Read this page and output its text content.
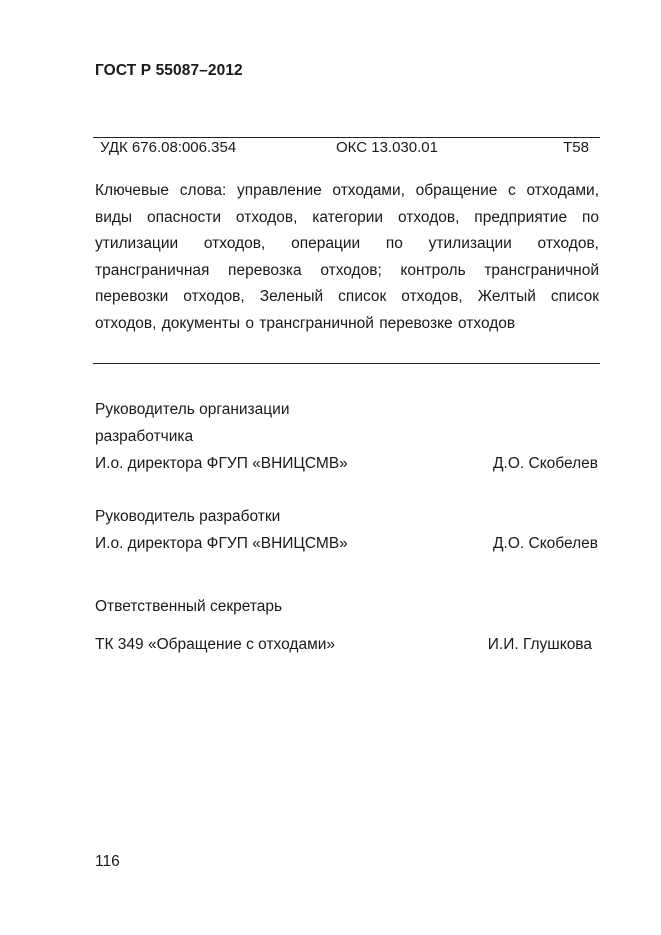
ГОСТ Р 55087–2012
УДК 676.08:006.354	ОКС 13.030.01	Т58
Ключевые слова: управление отходами, обращение с отходами, виды опасности отходов, категории отходов, предприятие по утилизации отходов, операции по утилизации отходов, трансграничная перевозка отходов; контроль трансграничной перевозки отходов, Зеленый список отходов, Желтый список отходов, документы о трансграничной перевозке отходов
Руководитель организации
разработчика
И.о. директора ФГУП «ВНИЦСМВ»	Д.О. Скобелев
Руководитель разработки
И.о. директора ФГУП «ВНИЦСМВ»	Д.О. Скобелев
Ответственный секретарь
ТК 349 «Обращение с отходами»	И.И. Глушкова
116
